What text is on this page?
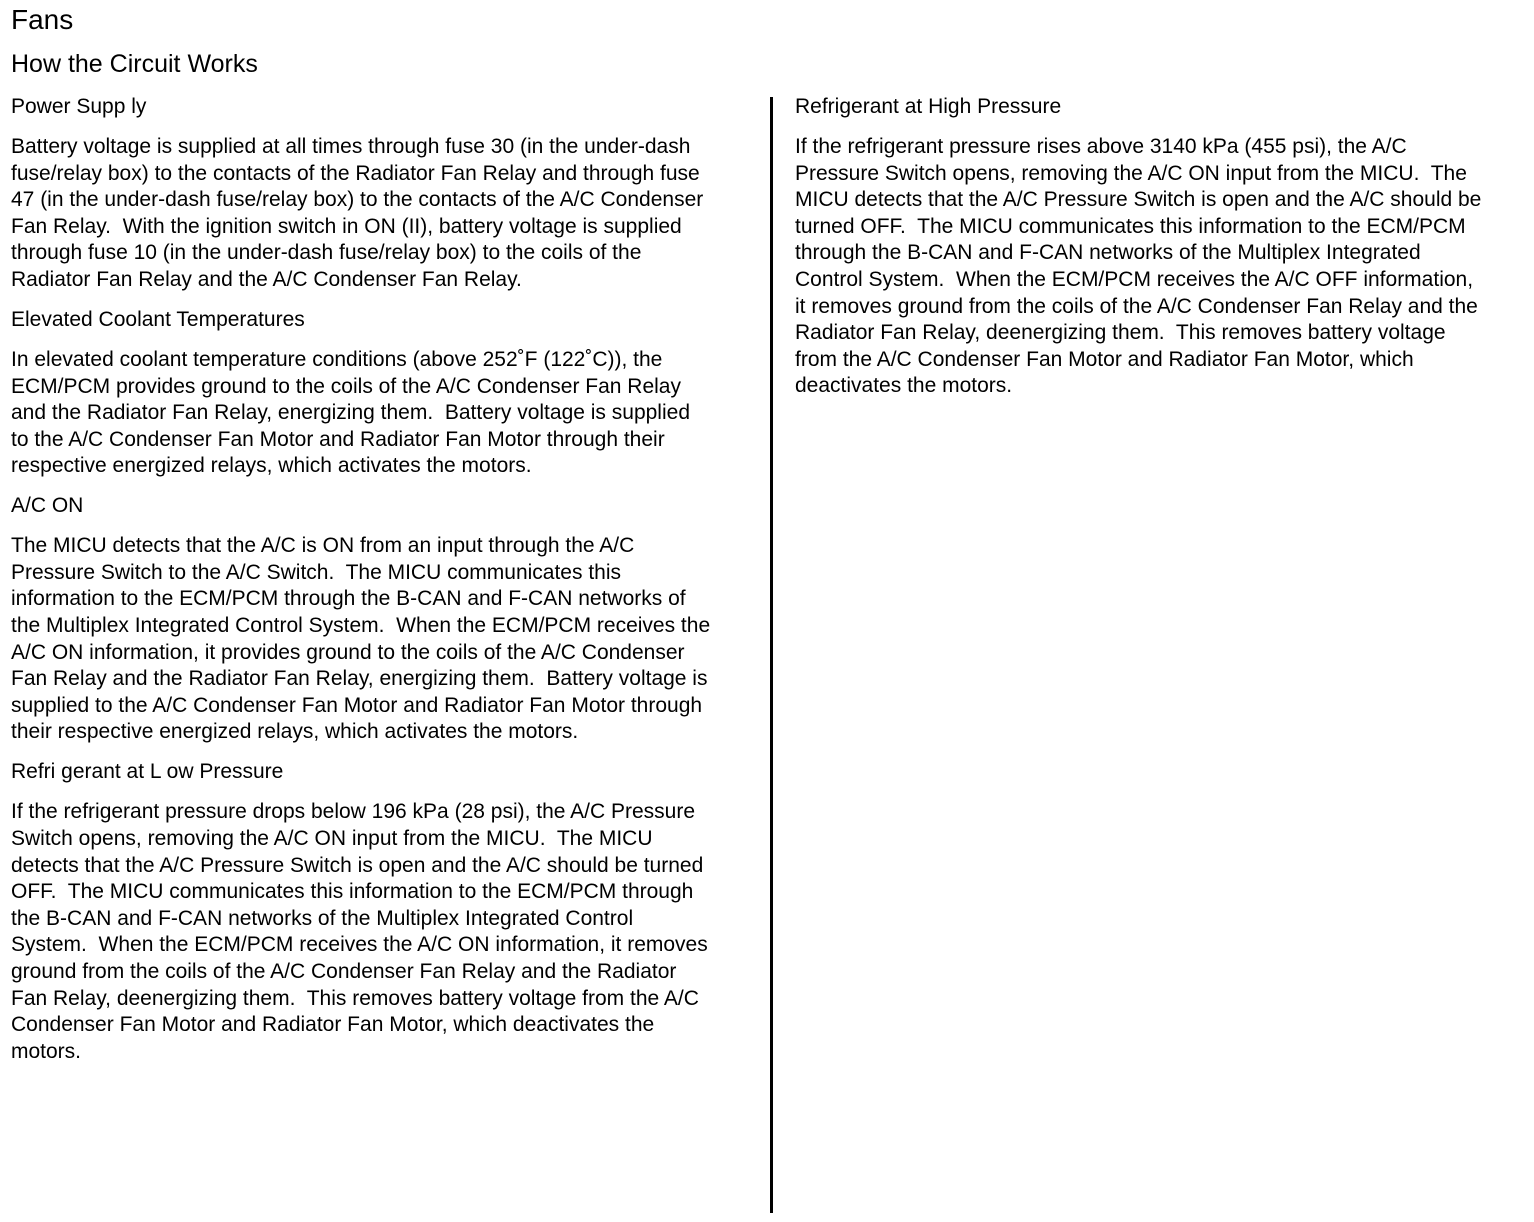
Fans
How the Circuit Works

Power Supp ly

Battery voltage is supplied at all times through fuse 30 (in the under-dash
fuse/relay box) to the contacts of the Radiator Fan Relay and through fuse
47 (in the under-dash fuse/relay box) to the contacts of the A/C Condenser
Fan Relay.  With the ignition switch in ON (II), battery voltage is supplied
through fuse 10 (in the under-dash fuse/relay box) to the coils of the
Radiator Fan Relay and the A/C Condenser Fan Relay.

Elevated Coolant Temperatures

In elevated coolant temperature conditions (above 252˚F (122˚C)), the
ECM/PCM provides ground to the coils of the A/C Condenser Fan Relay
and the Radiator Fan Relay, energizing them.  Battery voltage is supplied
to the A/C Condenser Fan Motor and Radiator Fan Motor through their
respective energized relays, which activates the motors.

A/C ON

The MICU detects that the A/C is ON from an input through the A/C
Pressure Switch to the A/C Switch.  The MICU communicates this
information to the ECM/PCM through the B-CAN and F-CAN networks of
the Multiplex Integrated Control System.  When the ECM/PCM receives the
A/C ON information, it provides ground to the coils of the A/C Condenser
Fan Relay and the Radiator Fan Relay, energizing them.  Battery voltage is
supplied to the A/C Condenser Fan Motor and Radiator Fan Motor through
their respective energized relays, which activates the motors.

Refri gerant at L ow Pressure

If the refrigerant pressure drops below 196 kPa (28 psi), the A/C Pressure
Switch opens, removing the A/C ON input from the MICU.  The MICU
detects that the A/C Pressure Switch is open and the A/C should be turned
OFF.  The MICU communicates this information to the ECM/PCM through
the B-CAN and F-CAN networks of the Multiplex Integrated Control
System.  When the ECM/PCM receives the A/C ON information, it removes
ground from the coils of the A/C Condenser Fan Relay and the Radiator
Fan Relay, deenergizing them.  This removes battery voltage from the A/C
Condenser Fan Motor and Radiator Fan Motor, which deactivates the
motors.

Refrigerant at High Pressure

If the refrigerant pressure rises above 3140 kPa (455 psi), the A/C
Pressure Switch opens, removing the A/C ON input from the MICU.  The
MICU detects that the A/C Pressure Switch is open and the A/C should be
turned OFF.  The MICU communicates this information to the ECM/PCM
through the B-CAN and F-CAN networks of the Multiplex Integrated
Control System.  When the ECM/PCM receives the A/C OFF information,
it removes ground from the coils of the A/C Condenser Fan Relay and the
Radiator Fan Relay, deenergizing them.  This removes battery voltage
from the A/C Condenser Fan Motor and Radiator Fan Motor, which
deactivates the motors.
